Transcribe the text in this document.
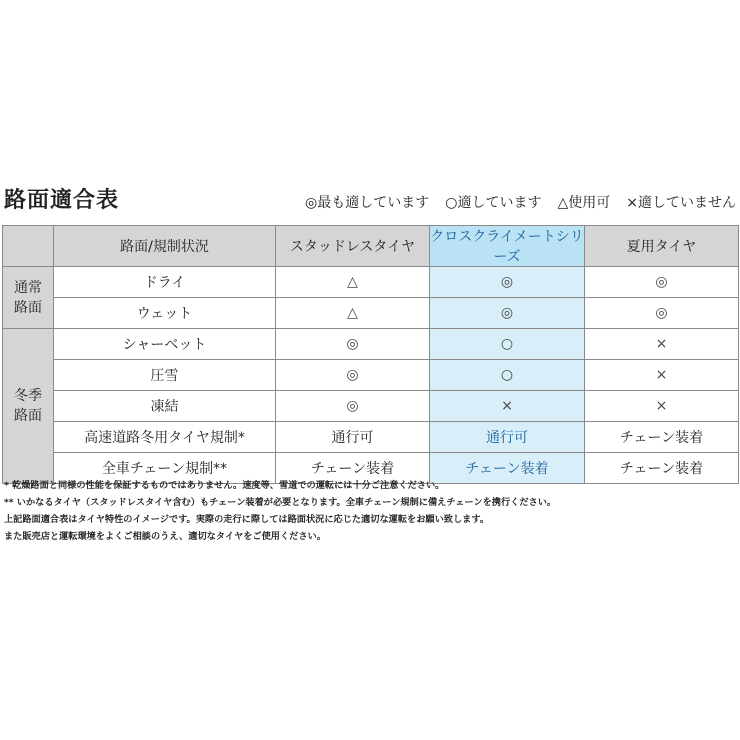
路面適合表	◎最も適しています ○適しています △使用可 ×適していません
	路面/規制状況	スタッドレスタイヤ	クロスクライメートシリーズ	夏用タイヤ
通常
路面	ドライ	△	◎	◎
	ウェット	△	◎	◎
冬季
路面	シャーベット	◎	○	×
	圧雪	◎	○	×
	凍結	◎	×	×
	高速道路冬用タイヤ規制*	通行可	通行可	チェーン装着
	全車チェーン規制**	チェーン装着	チェーン装着	チェーン装着
* 乾燥路面と同様の性能を保証するものではありません。速度等、雪道での運転には十分ご注意ください。
** いかなるタイヤ（スタッドレスタイヤ含む）もチェーン装着が必要となります。全車チェーン規制に備えチェーンを携行ください。
上記路面適合表はタイヤ特性のイメージです。実際の走行に際しては路面状況に応じた適切な運転をお願い致します。
また販売店と運転環境をよくご相談のうえ、適切なタイヤをご使用ください。
